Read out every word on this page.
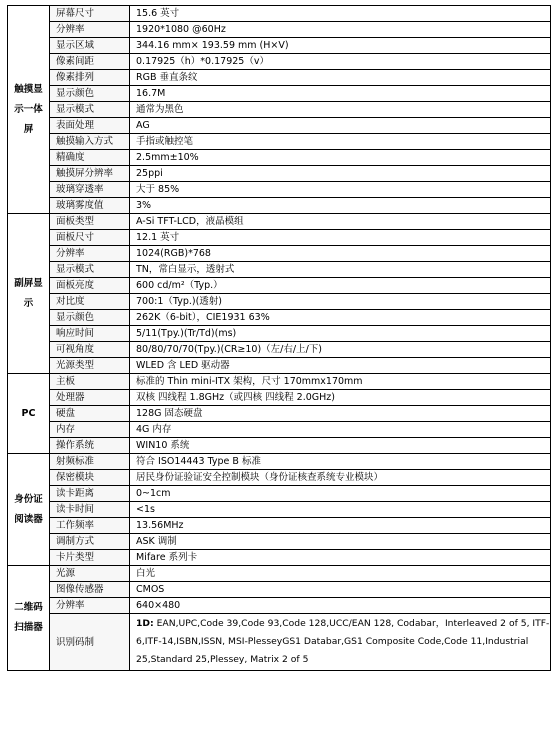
触摸显示一体屏	屏幕尺寸	15.6 英寸
	分辨率	1920*1080 @60Hz
	显示区域	344.16 mm× 193.59 mm (H×V)
	像素间距	0.17925（h）*0.17925（v）
	像素排列	RGB 垂直条纹
	显示颜色	16.7M
	显示模式	通常为黑色
	表面处理	AG
	触摸输入方式	手指或触控笔
	精确度	2.5mm±10%
	触摸屏分辨率	25ppi
	玻璃穿透率	大于 85%
	玻璃雾度值	3%
副屏显示	面板类型	A-Si TFT-LCD，液晶模组
	面板尺寸	12.1 英寸
	分辨率	1024(RGB)*768
	显示模式	TN，常白显示，透射式
	面板亮度	600 cd/m²（Typ.）
	对比度	700:1（Typ.)(透射)
	显示颜色	262K（6-bit），CIE1931 63%
	响应时间	5/11(Tpy.)(Tr/Td)(ms)
	可视角度	80/80/70/70(Tpy.)(CR≥10)（左/右/上/下)
	光源类型	WLED 含 LED 驱动器
PC	主板	标准的 Thin mini-ITX 架构，尺寸 170mmx170mm
	处理器	双核 四线程 1.8GHz（或四核 四线程 2.0GHz)
	硬盘	128G 固态硬盘
	内存	4G 内存
	操作系统	WIN10 系统
身份证阅读器	射频标准	符合 ISO14443 Type B 标准
	保密模块	居民身份证验证安全控制模块（身份证核查系统专业模块）
	读卡距离	0~1cm
	读卡时间	<1s
	工作频率	13.56MHz
	调制方式	ASK 调制
	卡片类型	Mifare 系列卡
二维码扫描器	光源	白光
	图像传感器	CMOS
	分辨率	640×480
	识别码制	1D: EAN,UPC,Code 39,Code 93,Code 128,UCC/EAN 128, Codabar，Interleaved 2 of 5, ITF-6,ITF-14,ISBN,ISSN, MSI-PlesseyGS1 Databar,GS1 Composite Code,Code 11,Industrial 25,Standard 25,Plessey, Matrix 2 of 5
